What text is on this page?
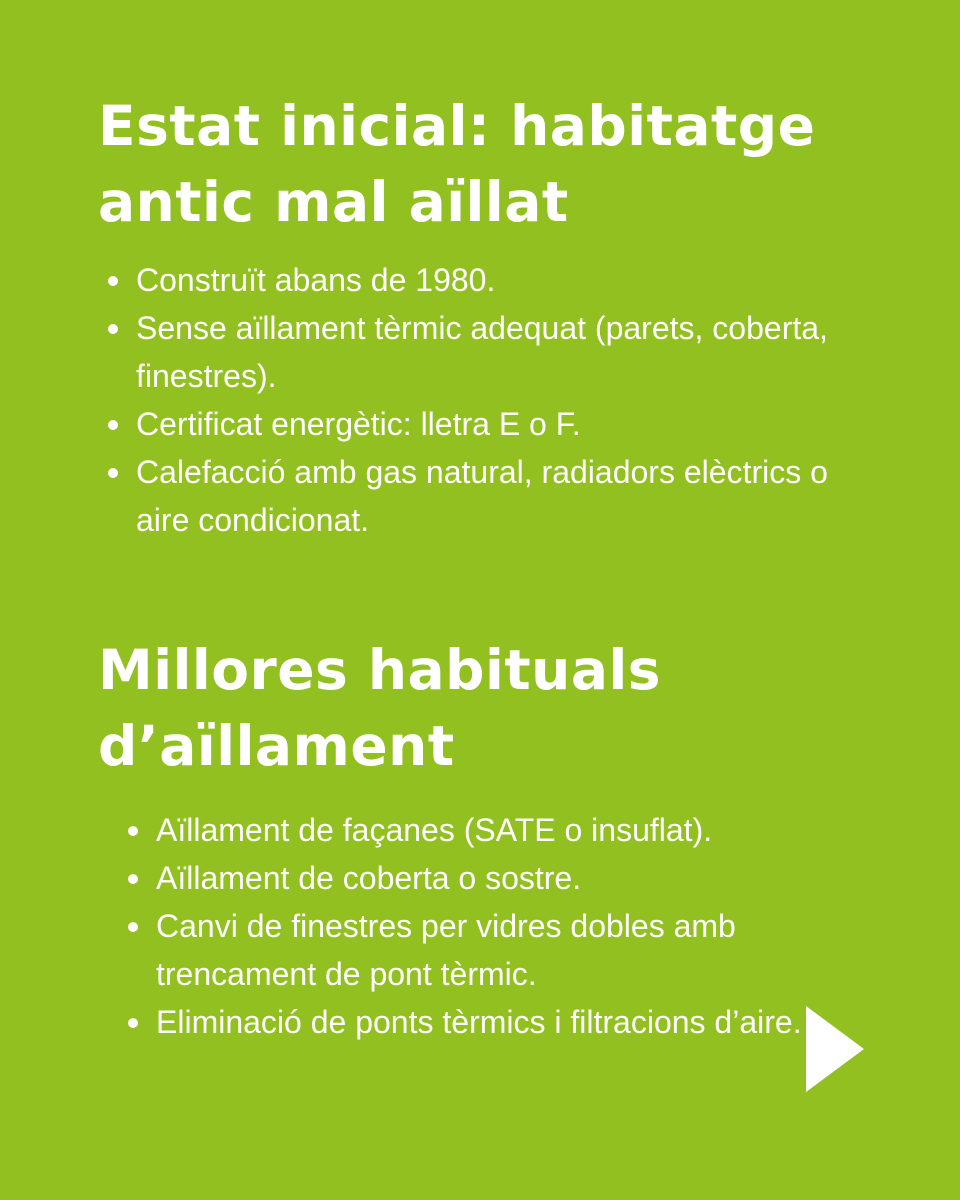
Estat inicial: habitatge
antic mal aïllat
Construït abans de 1980.
Sense aïllament tèrmic adequat (parets, coberta, finestres).
Certificat energètic: lletra E o F.
Calefacció amb gas natural, radiadors elèctrics o aire condicionat.
Millores habituals
d’aïllament
Aïllament de façanes (SATE o insuflat).
Aïllament de coberta o sostre.
Canvi de finestres per vidres dobles amb trencament de pont tèrmic.
Eliminació de ponts tèrmics i filtracions d’aire.
